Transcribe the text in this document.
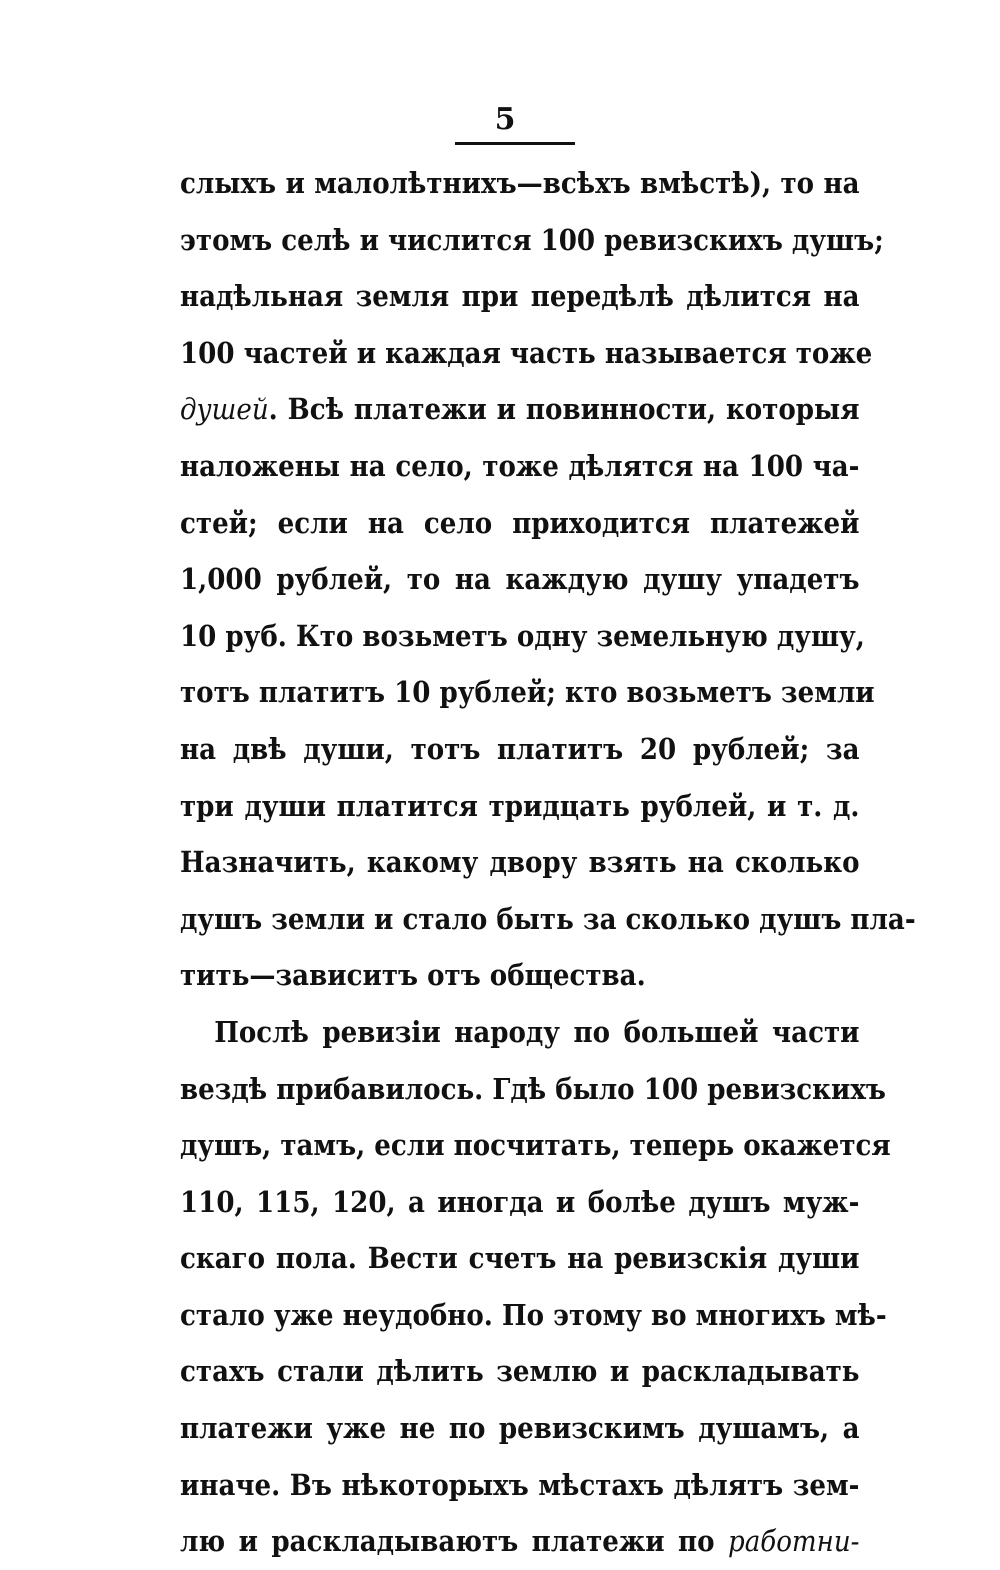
5
слыхъ и малолѣтнихъ—всѣхъ вмѣстѣ), то на
этомъ селѣ и числится 100 ревизскихъ душъ;
надѣльная земля при передѣлѣ дѣлится на
100 частей и каждая часть называется тоже
душей. Всѣ платежи и повинности, которыя
наложены на село, тоже дѣлятся на 100 ча-
стей; если на село приходится платежей
1,000 рублей, то на каждую душу упадетъ
10 руб. Кто возьметъ одну земельную душу,
тотъ платитъ 10 рублей; кто возьметъ земли
на двѣ души, тотъ платитъ 20 рублей; за
три души платится тридцать рублей, и т. д.
Назначить, какому двору взять на сколько
душъ земли и стало быть за сколько душъ пла-
тить—зависитъ отъ общества.
Послѣ ревизіи народу по большей части
вездѣ прибавилось. Гдѣ было 100 ревизскихъ
душъ, тамъ, если посчитать, теперь окажется
110, 115, 120, а иногда и болѣе душъ муж-
скаго пола. Вести счетъ на ревизскія души
стало уже неудобно. По этому во многихъ мѣ-
стахъ стали дѣлить землю и раскладывать
платежи уже не по ревизскимъ душамъ, а
иначе. Въ нѣкоторыхъ мѣстахъ дѣлятъ зем-
лю и раскладываютъ платежи по работни-
